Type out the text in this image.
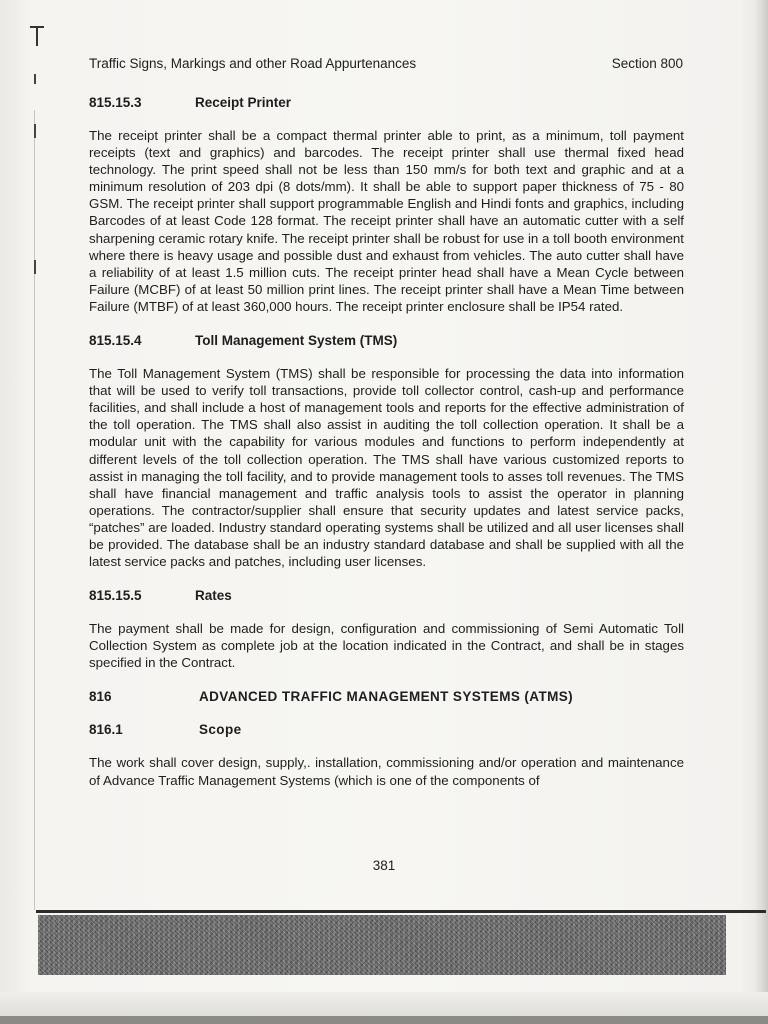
Traffic Signs, Markings and other Road Appurtenances	Section 800
815.15.3	Receipt Printer

The receipt printer shall be a compact thermal printer able to print, as a minimum, toll payment receipts (text and graphics) and barcodes. The receipt printer shall use thermal fixed head technology. The print speed shall not be less than 150 mm/s for both text and graphic and at a minimum resolution of 203 dpi (8 dots/mm). It shall be able to support paper thickness of 75 - 80 GSM. The receipt printer shall support programmable English and Hindi fonts and graphics, including Barcodes of at least Code 128 format. The receipt printer shall have an automatic cutter with a self sharpening ceramic rotary knife. The receipt printer shall be robust for use in a toll booth environment where there is heavy usage and possible dust and exhaust from vehicles. The auto cutter shall have a reliability of at least 1.5 million cuts. The receipt printer head shall have a Mean Cycle between Failure (MCBF) of at least 50 million print lines. The receipt printer shall have a Mean Time between Failure (MTBF) of at least 360,000 hours. The receipt printer enclosure shall be IP54 rated.

815.15.4	Toll Management System (TMS)

The Toll Management System (TMS) shall be responsible for processing the data into information that will be used to verify toll transactions, provide toll collector control, cash-up and performance facilities, and shall include a host of management tools and reports for the effective administration of the toll operation. The TMS shall also assist in auditing the toll collection operation. It shall be a modular unit with the capability for various modules and functions to perform independently at different levels of the toll collection operation. The TMS shall have various customized reports to assist in managing the toll facility, and to provide management tools to asses toll revenues. The TMS shall have financial management and traffic analysis tools to assist the operator in planning operations. The contractor/supplier shall ensure that security updates and latest service packs, “patches” are loaded. Industry standard operating systems shall be utilized and all user licenses shall be provided. The database shall be an industry standard database and shall be supplied with all the latest service packs and patches, including user licenses.

815.15.5	Rates

The payment shall be made for design, configuration and commissioning of Semi Automatic Toll Collection System as complete job at the location indicated in the Contract, and shall be in stages specified in the Contract.

816	ADVANCED TRAFFIC MANAGEMENT SYSTEMS (ATMS)
816.1	Scope

The work shall cover design, supply,. installation, commissioning and/or operation and maintenance of Advance Traffic Management Systems (which is one of the components of

381
